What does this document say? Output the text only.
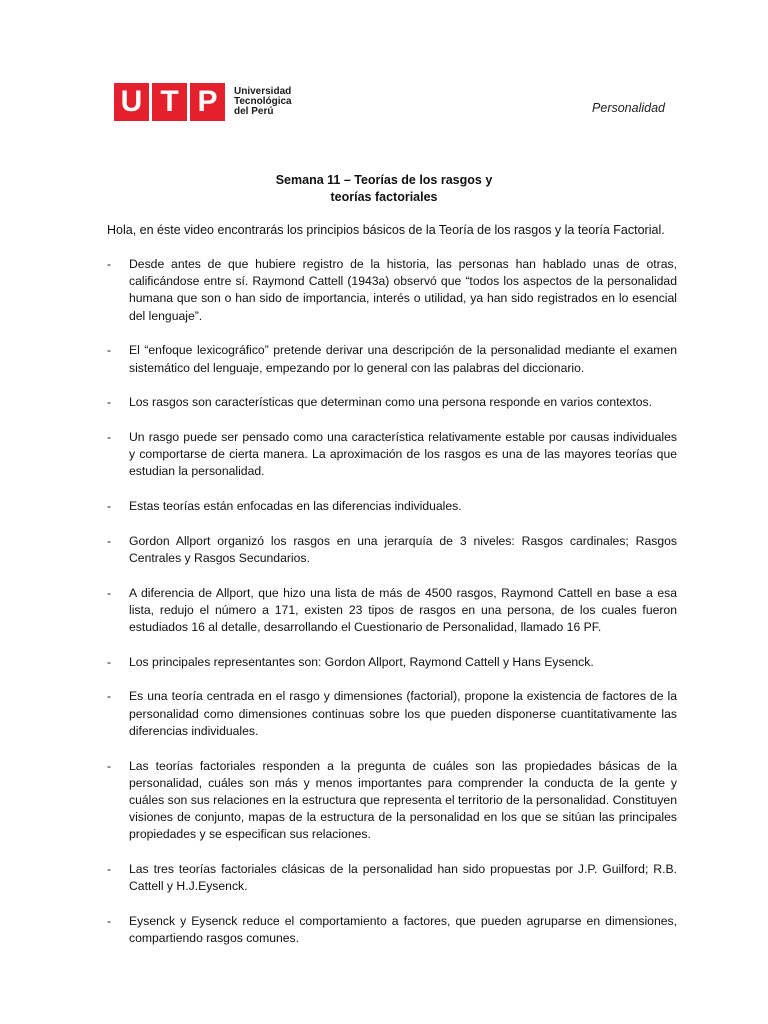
U T P	Universidad
Tecnológica
del Perú	Personalidad
Semana 11 – Teorías de los rasgos y
teorías factoriales
Hola, en éste video encontrarás los principios básicos de la Teoría de los rasgos y la teoría Factorial.
- Desde antes de que hubiere registro de la historia, las personas han hablado unas de otras, calificándose entre sí. Raymond Cattell (1943a) observó que “todos los aspectos de la personalidad humana que son o han sido de importancia, interés o utilidad, ya han sido registrados en lo esencial del lenguaje”.
- El “enfoque lexicográfico” pretende derivar una descripción de la personalidad mediante el examen sistemático del lenguaje, empezando por lo general con las palabras del diccionario.
- Los rasgos son características que determinan como una persona responde en varios contextos.
- Un rasgo puede ser pensado como una característica relativamente estable por causas individuales y comportarse de cierta manera. La aproximación de los rasgos es una de las mayores teorías que estudian la personalidad.
- Estas teorías están enfocadas en las diferencias individuales.
- Gordon Allport organizó los rasgos en una jerarquía de 3 niveles: Rasgos cardinales; Rasgos Centrales y Rasgos Secundarios.
- A diferencia de Allport, que hizo una lista de más de 4500 rasgos, Raymond Cattell en base a esa lista, redujo el número a 171, existen 23 tipos de rasgos en una persona, de los cuales fueron estudiados 16 al detalle, desarrollando el Cuestionario de Personalidad, llamado 16 PF.
- Los principales representantes son: Gordon Allport, Raymond Cattell y Hans Eysenck.
- Es una teoría centrada en el rasgo y dimensiones (factorial), propone la existencia de factores de la personalidad como dimensiones continuas sobre los que pueden disponerse cuantitativamente las diferencias individuales.
- Las teorías factoriales responden a la pregunta de cuáles son las propiedades básicas de la personalidad, cuáles son más y menos importantes para comprender la conducta de la gente y cuáles son sus relaciones en la estructura que representa el territorio de la personalidad. Constituyen visiones de conjunto, mapas de la estructura de la personalidad en los que se sitúan las principales propiedades y se especifican sus relaciones.
- Las tres teorías factoriales clásicas de la personalidad han sido propuestas por J.P. Guilford; R.B. Cattell y H.J.Eysenck.
- Eysenck y Eysenck reduce el comportamiento a factores, que pueden agruparse en dimensiones, compartiendo rasgos comunes.
